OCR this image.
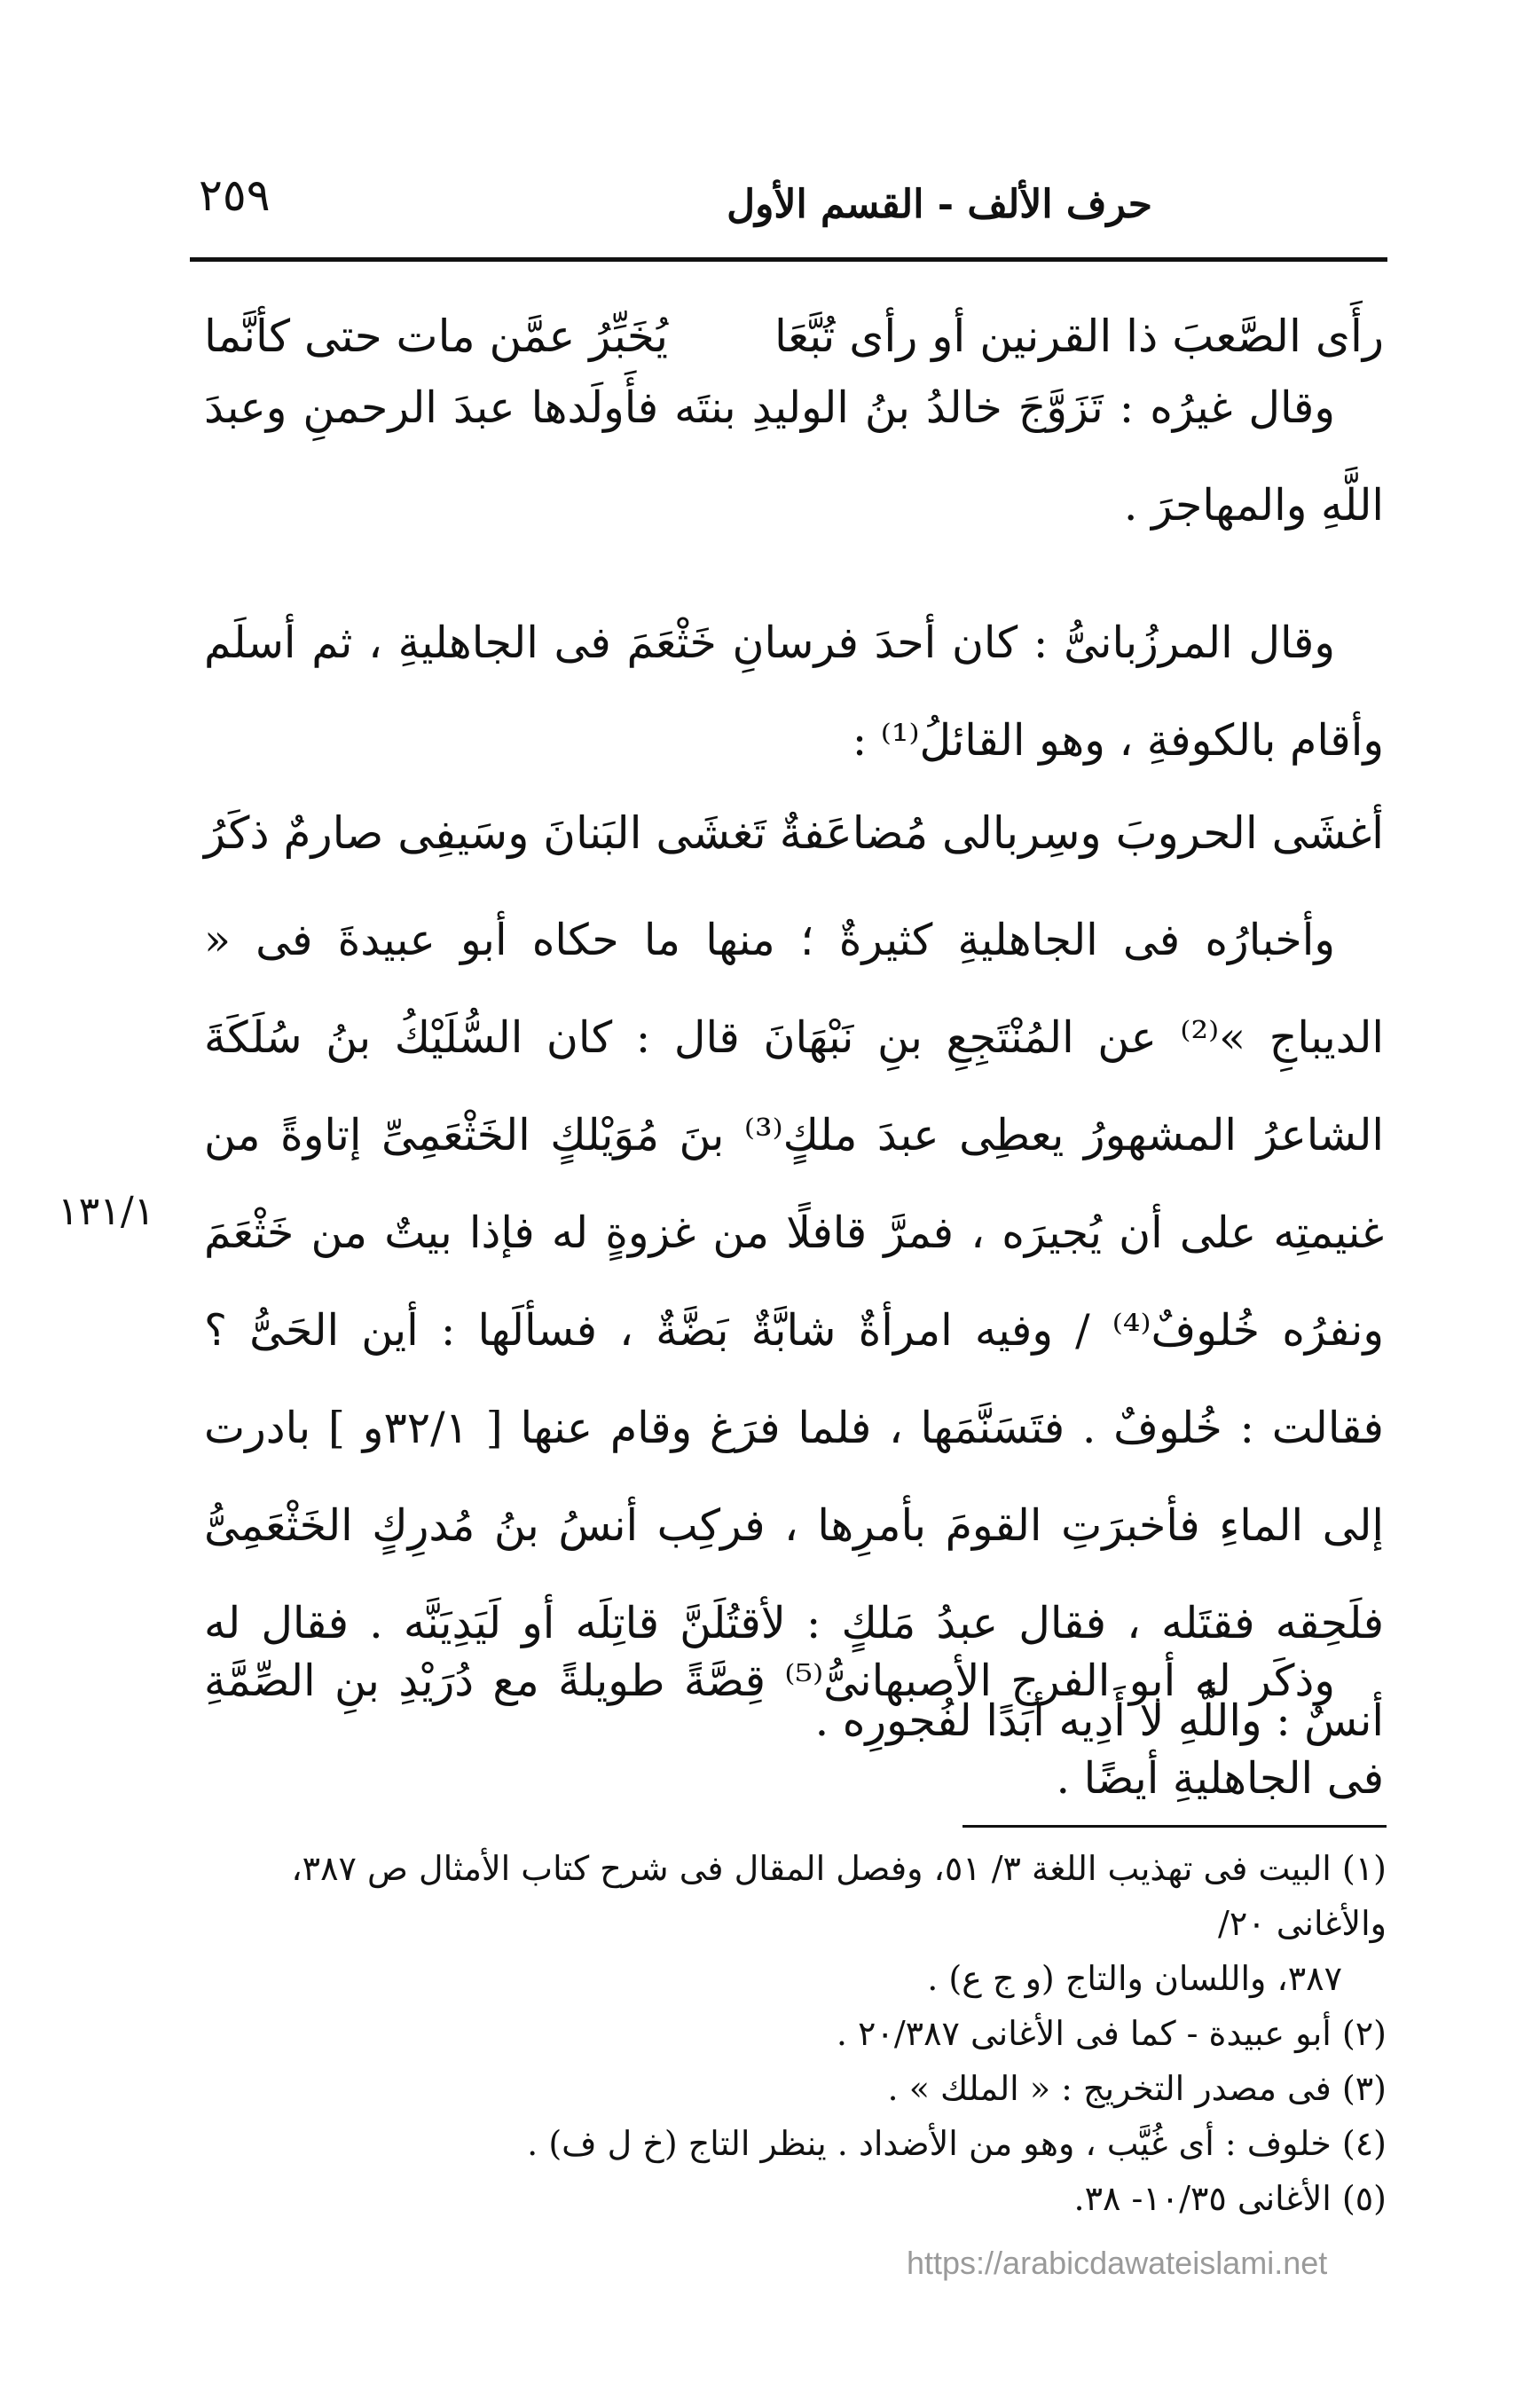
حرف الألف - القسم الأول
٢٥٩
رأَى الصَّعبَ ذا القرنين أو رأى تُبَّعَا
يُخَبِّرُ عمَّن مات حتى كأنَّما

وقال غيرُه : تَزَوَّجَ خالدُ بنُ الوليدِ بنتَه فأَولَدها عبدَ الرحمنِ وعبدَ اللَّهِ والمهاجرَ .

وقال المرزُبانىُّ : كان أحدَ فرسانِ خَثْعَمَ فى الجاهليةِ ، ثم أسلَم وأقام بالكوفةِ ، وهو القائلُ⁽¹⁾ :

أغشَى الحروبَ وسِربالى مُضاعَفةٌ
تَغشَى البَنانَ وسَيفِى صارمٌ ذكَرُ

وأخبارُه فى الجاهليةِ كثيرةٌ ؛ منها ما حكاه أبو عبيدةَ فى « الديباجِ »⁽²⁾ عن المُنْتَجِعِ بنِ نَبْهَانَ قال : كان السُّلَيْكُ بنُ سُلَكَةَ الشاعرُ المشهورُ يعطِى عبدَ ملكٍ⁽³⁾ بنَ مُوَيْلكٍ الخَثْعَمِىِّ إتاوةً من غنيمتِه على أن يُجيرَه ، فمرَّ قافلًا من غزوةٍ له فإذا بيتٌ من خَثْعَمَ ونفرُه خُلوفٌ⁽⁴⁾ / وفيه امرأةٌ شابَّةٌ بَضَّةٌ ، فسألَها : أين الحَىُّ ؟ فقالت : خُلوفٌ . فتَسَنَّمَها ، فلما فرَغ وقام عنها [ ٣٢/١و ] بادرت إلى الماءِ فأخبرَتِ القومَ بأمرِها ، فركِب أنسُ بنُ مُدرِكٍ الخَثْعَمِىُّ فلَحِقه فقتَله ، فقال عبدُ مَلكٍ : لأقتُلَنَّ قاتِلَه أو لَيَدِيَنَّه . فقال له أنسٌ : واللَّهِ لا أَدِيه أبدًا لفُجورِه .

١٣١/١

وذكَر له أبو الفرجِ الأصبهانىُّ⁽⁵⁾ قِصَّةً طويلةً مع دُرَيْدِ بنِ الصِّمَّةِ فى الجاهليةِ أيضًا .

(١) البيت فى تهذيب اللغة ٣/ ٥١، وفصل المقال فى شرح كتاب الأمثال ص ٣٨٧، والأغانى ٢٠/

٣٨٧، واللسان والتاج (و ج ع) .

(٢) أبو عبيدة - كما فى الأغانى ٢٠/٣٨٧ .

(٣) فى مصدر التخريج : « الملك » .

(٤) خلوف : أى غُيَّب ، وهو من الأضداد . ينظر التاج (خ ل ف) .

(٥) الأغانى ١٠/٣٥- ٣٨.

https://arabicdawateislami.net
